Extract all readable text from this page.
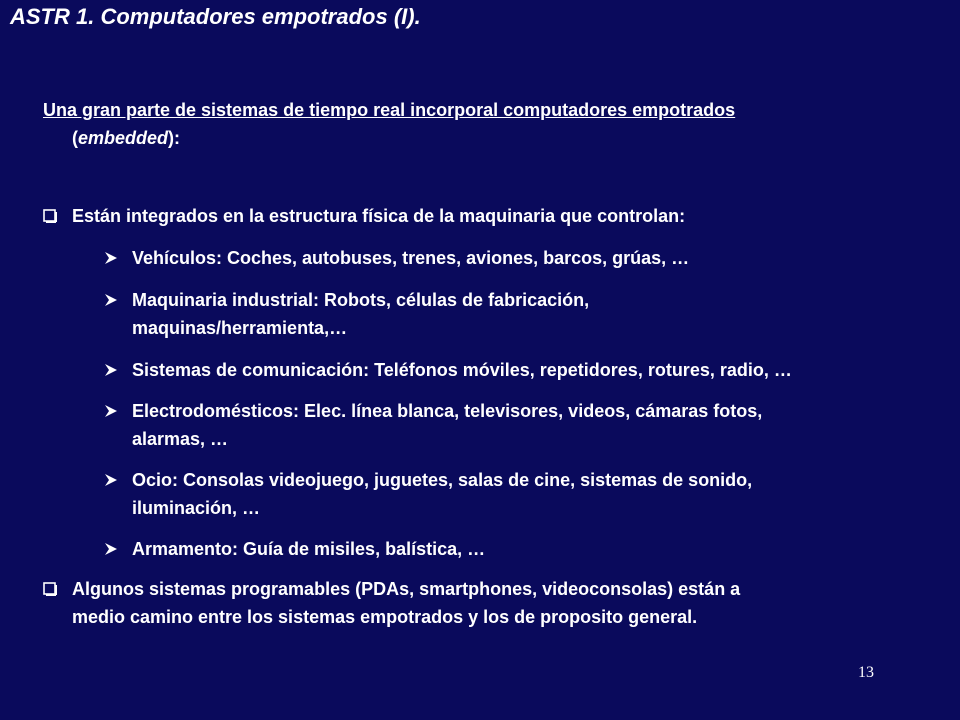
ASTR 1. Computadores empotrados (I).
Una gran parte de sistemas de tiempo real incorporal computadores empotrados
(embedded):
Están integrados en la estructura física de la maquinaria que controlan:
Vehículos: Coches, autobuses, trenes, aviones, barcos, grúas, …
Maquinaria industrial: Robots, células de fabricación,
maquinas/herramienta,…
Sistemas de comunicación: Teléfonos móviles, repetidores, rotures, radio, …
Electrodomésticos: Elec. línea blanca, televisores, videos, cámaras fotos,
alarmas, …
Ocio: Consolas videojuego, juguetes, salas de cine, sistemas de sonido,
iluminación, …
Armamento: Guía de misiles, balística, …
Algunos sistemas programables (PDAs, smartphones, videoconsolas) están a
medio camino entre los sistemas empotrados y los de proposito general.
13
